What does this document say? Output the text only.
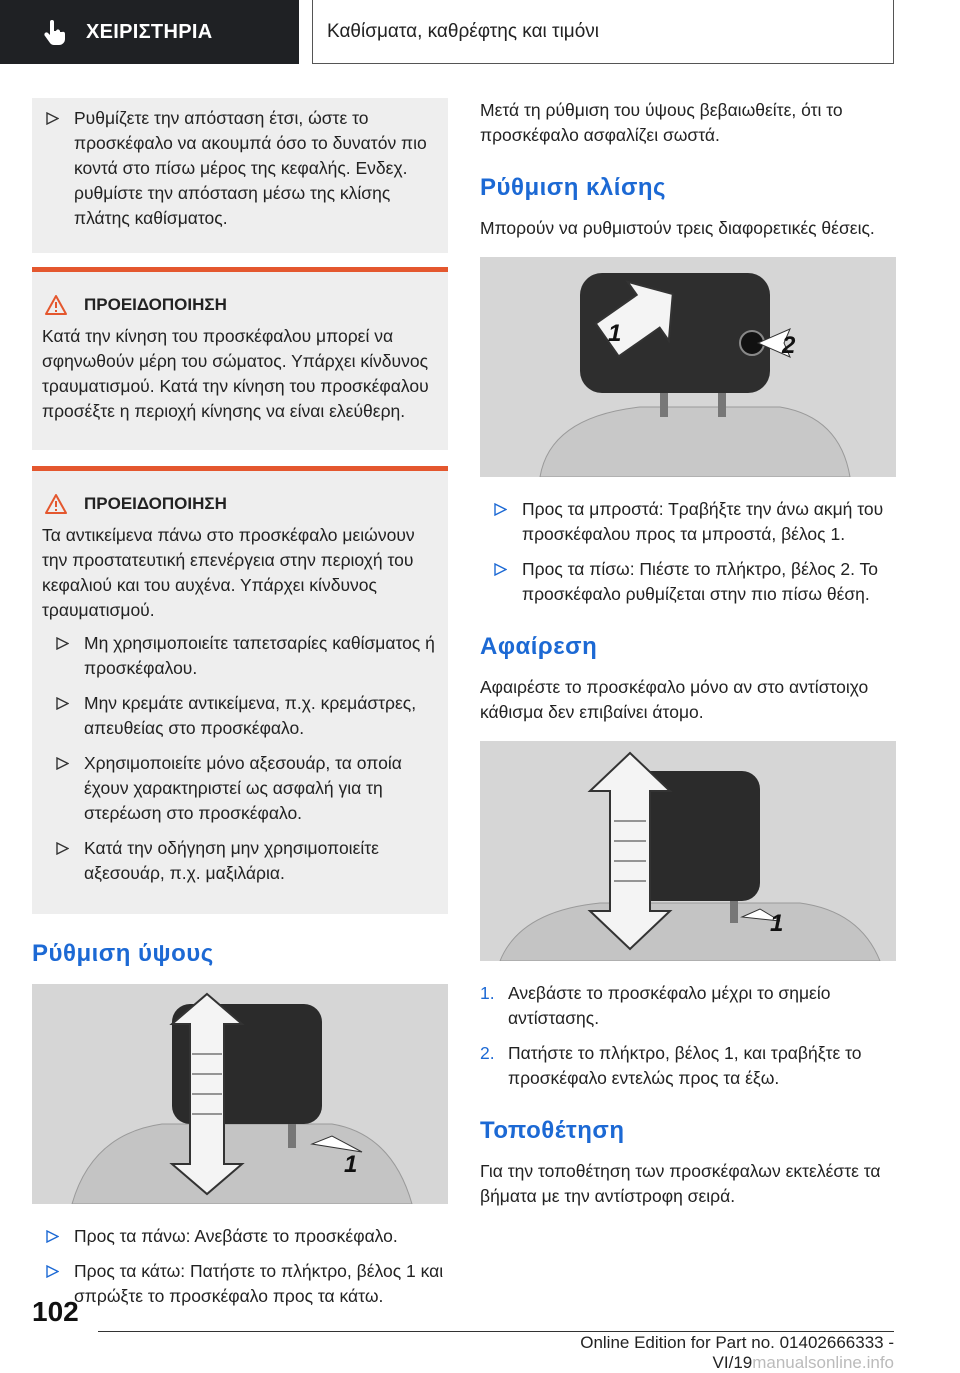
ΧΕΙΡΙΣΤΗΡΙΑ	Καθίσματα, καθρέφτης και τιμόνι
Ρυθμίζετε την απόσταση έτσι, ώστε το προσκέφαλο να ακουμπά όσο το δυνατόν πιο κοντά στο πίσω μέρος της κεφαλής. Ενδεχ. ρυθμίστε την απόσταση μέσω της κλίσης πλάτης καθίσματος.
ΠΡΟΕΙΔΟΠΟΙΗΣΗ
Κατά την κίνηση του προσκέφαλου μπορεί να σφηνωθούν μέρη του σώματος. Υπάρχει κίνδυνος τραυματισμού. Κατά την κίνηση του προσκέφαλου προσέξτε η περιοχή κίνησης να είναι ελεύθερη.
ΠΡΟΕΙΔΟΠΟΙΗΣΗ
Τα αντικείμενα πάνω στο προσκέφαλο μειώνουν την προστατευτική επενέργεια στην περιοχή του κεφαλιού και του αυχένα. Υπάρχει κίνδυνος τραυματισμού.
Μη χρησιμοποιείτε ταπετσαρίες καθίσματος ή προσκέφαλου.
Μην κρεμάτε αντικείμενα, π.χ. κρεμάστρες, απευθείας στο προσκέφαλο.
Χρησιμοποιείτε μόνο αξεσουάρ, τα οποία έχουν χαρακτηριστεί ως ασφαλή για τη στερέωση στο προσκέφαλο.
Κατά την οδήγηση μην χρησιμοποιείτε αξεσουάρ, π.χ. μαξιλάρια.
Ρύθμιση ύψους
1
Προς τα πάνω: Ανεβάστε το προσκέφαλο.
Προς τα κάτω: Πατήστε το πλήκτρο, βέλος 1 και σπρώξτε το προσκέφαλο προς τα κάτω.
Μετά τη ρύθμιση του ύψους βεβαιωθείτε, ότι το προσκέφαλο ασφαλίζει σωστά.
Ρύθμιση κλίσης
Μπορούν να ρυθμιστούν τρεις διαφορετικές θέσεις.
1	2
Προς τα μπροστά: Τραβήξτε την άνω ακμή του προσκέφαλου προς τα μπροστά, βέλος 1.
Προς τα πίσω: Πιέστε το πλήκτρο, βέλος 2. Το προσκέφαλο ρυθμίζεται στην πιο πίσω θέση.
Αφαίρεση
Αφαιρέστε το προσκέφαλο μόνο αν στο αντίστοιχο κάθισμα δεν επιβαίνει άτομο.
1
1. Ανεβάστε το προσκέφαλο μέχρι το σημείο αντίστασης.
2. Πατήστε το πλήκτρο, βέλος 1, και τραβήξτε το προσκέφαλο εντελώς προς τα έξω.
Τοποθέτηση
Για την τοποθέτηση των προσκέφαλων εκτελέστε τα βήματα με την αντίστροφη σειρά.
102
Online Edition for Part no. 01402666333 - VI/19manualsonline.info
